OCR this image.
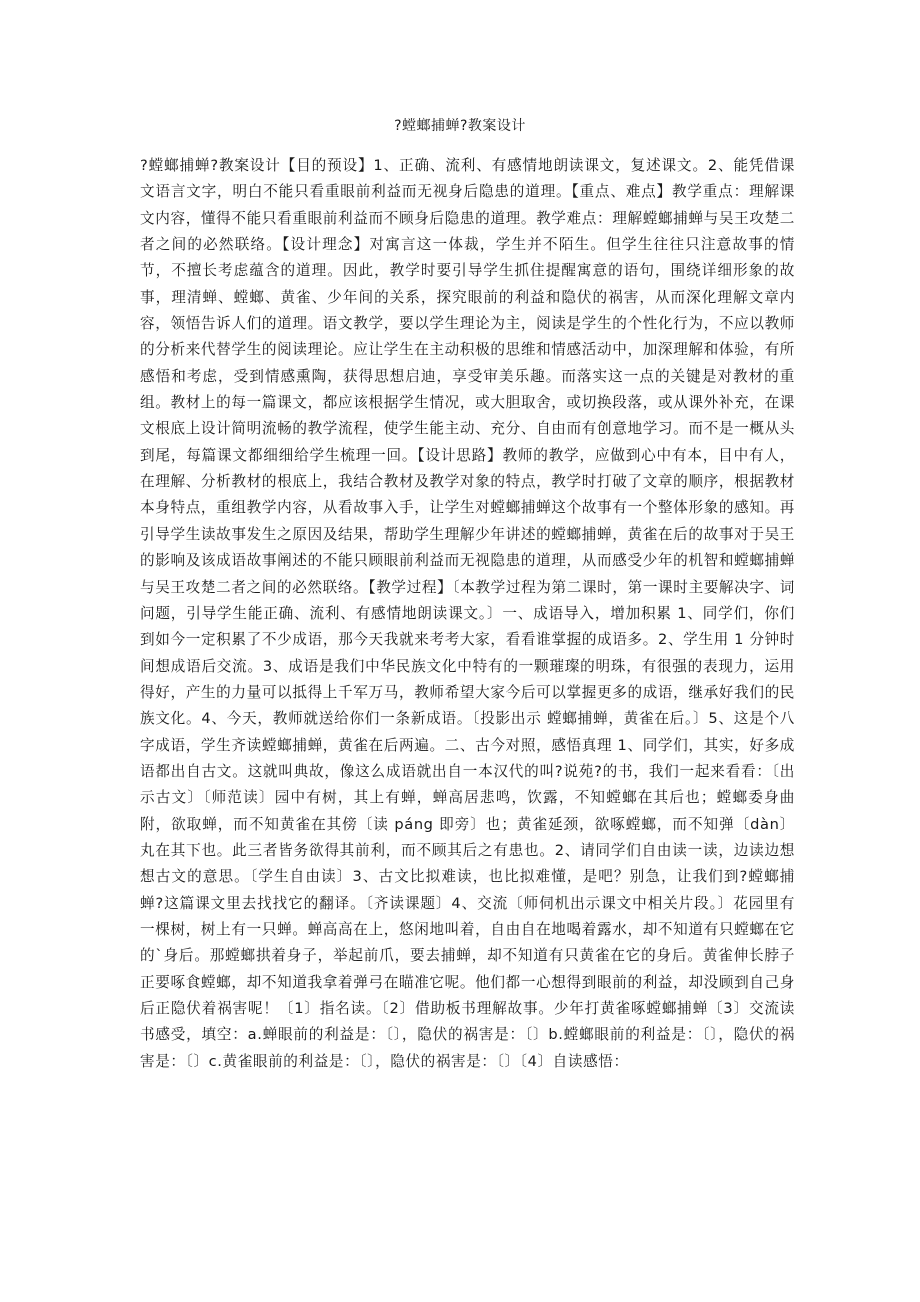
?螳螂捕蝉?教案设计

?螳螂捕蝉?教案设计【目的预设】1、正确、流利、有感情地朗读课文，复述课文。2、能凭借课文语言文字，明白不能只看重眼前利益而无视身后隐患的道理。【重点、难点】教学重点：理解课文内容，懂得不能只看重眼前利益而不顾身后隐患的道理。教学难点：理解螳螂捕蝉与吴王攻楚二者之间的必然联络。【设计理念】对寓言这一体裁，学生并不陌生。但学生往往只注意故事的情节，不擅长考虑蕴含的道理。因此，教学时要引导学生抓住提醒寓意的语句，围绕详细形象的故事，理清蝉、螳螂、黄雀、少年间的关系，探究眼前的利益和隐伏的祸害，从而深化理解文章内容，领悟告诉人们的道理。语文教学，要以学生理论为主，阅读是学生的个性化行为，不应以教师的分析来代替学生的阅读理论。应让学生在主动积极的思维和情感活动中，加深理解和体验，有所感悟和考虑，受到情感熏陶，获得思想启迪，享受审美乐趣。而落实这一点的关键是对教材的重组。教材上的每一篇课文，都应该根据学生情况，或大胆取舍，或切换段落，或从课外补充，在课文根底上设计简明流畅的教学流程，使学生能主动、充分、自由而有创意地学习。而不是一概从头到尾，每篇课文都细细给学生梳理一回。【设计思路】教师的教学，应做到心中有本，目中有人，在理解、分析教材的根底上，我结合教材及教学对象的特点，教学时打破了文章的顺序，根据教材本身特点，重组教学内容，从看故事入手，让学生对螳螂捕蝉这个故事有一个整体形象的感知。再引导学生读故事发生之原因及结果，帮助学生理解少年讲述的螳螂捕蝉，黄雀在后的故事对于吴王的影响及该成语故事阐述的不能只顾眼前利益而无视隐患的道理，从而感受少年的机智和螳螂捕蝉与吴王攻楚二者之间的必然联络。【教学过程】〔本教学过程为第二课时，第一课时主要解决字、词问题，引导学生能正确、流利、有感情地朗读课文。〕一、成语导入，增加积累 1、同学们，你们到如今一定积累了不少成语，那今天我就来考考大家，看看谁掌握的成语多。2、学生用 1 分钟时间想成语后交流。3、成语是我们中华民族文化中特有的一颗璀璨的明珠，有很强的表现力，运用得好，产生的力量可以抵得上千军万马，教师希望大家今后可以掌握更多的成语，继承好我们的民族文化。4、今天，教师就送给你们一条新成语。〔投影出示 螳螂捕蝉，黄雀在后。〕5、这是个八字成语，学生齐读螳螂捕蝉，黄雀在后两遍。二、古今对照，感悟真理 1、同学们，其实，好多成语都出自古文。这就叫典故，像这么成语就出自一本汉代的叫?说苑?的书，我们一起来看看：〔出示古文〕〔师范读〕园中有树，其上有蝉，蝉高居悲鸣，饮露，不知螳螂在其后也；螳螂委身曲附，欲取蝉，而不知黄雀在其傍〔读 páng 即旁〕也；黄雀延颈，欲啄螳螂，而不知弹〔dàn〕丸在其下也。此三者皆务欲得其前利，而不顾其后之有患也。2、请同学们自由读一读，边读边想想古文的意思。〔学生自由读〕3、古文比拟难读，也比拟难懂，是吧？别急，让我们到?螳螂捕蝉?这篇课文里去找找它的翻译。〔齐读课题〕4、交流〔师伺机出示课文中相关片段。〕花园里有一棵树，树上有一只蝉。蝉高高在上，悠闲地叫着，自由自在地喝着露水，却不知道有只螳螂在它的`身后。那螳螂拱着身子，举起前爪，要去捕蝉，却不知道有只黄雀在它的身后。黄雀伸长脖子正要啄食螳螂，却不知道我拿着弹弓在瞄准它呢。他们都一心想得到眼前的利益，却没顾到自己身后正隐伏着祸害呢！〔1〕指名读。〔2〕借助板书理解故事。少年打黄雀啄螳螂捕蝉〔3〕交流读书感受，填空：a.蝉眼前的利益是：〔〕，隐伏的祸害是：〔〕b.螳螂眼前的利益是：〔〕，隐伏的祸害是：〔〕c.黄雀眼前的利益是：〔〕，隐伏的祸害是：〔〕〔4〕自读感悟：
